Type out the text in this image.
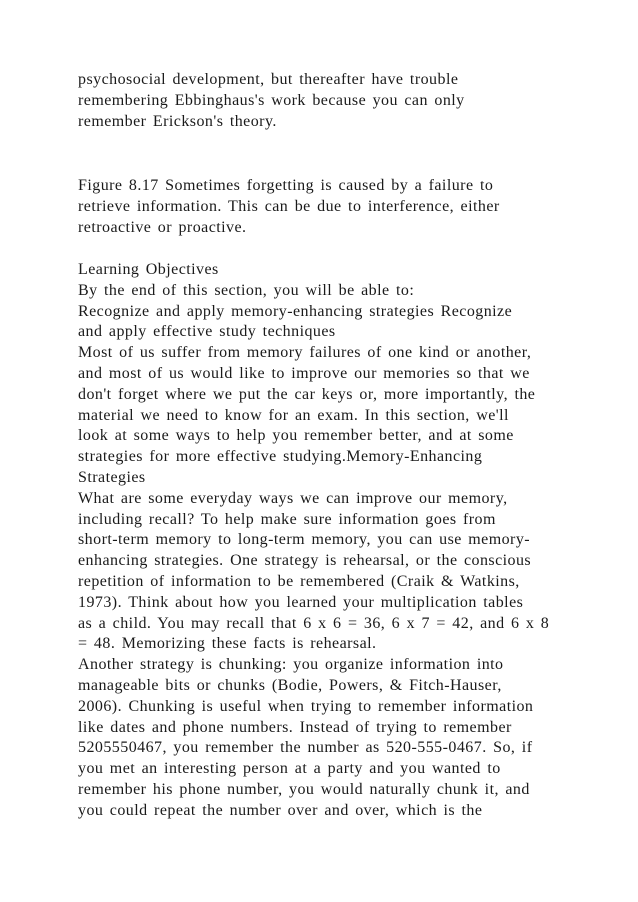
psychosocial development, but thereafter have trouble
remembering Ebbinghaus's work because you can only
remember Erickson's theory.
Figure 8.17 Sometimes forgetting is caused by a failure to
retrieve information. This can be due to interference, either
retroactive or proactive.
Learning Objectives
By the end of this section, you will be able to:
Recognize and apply memory-enhancing strategies Recognize
and apply effective study techniques
Most of us suffer from memory failures of one kind or another,
and most of us would like to improve our memories so that we
don't forget where we put the car keys or, more importantly, the
material we need to know for an exam. In this section, we'll
look at some ways to help you remember better, and at some
strategies for more effective studying.Memory-Enhancing
Strategies
What are some everyday ways we can improve our memory,
including recall? To help make sure information goes from
short-term memory to long-term memory, you can use memory-
enhancing strategies. One strategy is rehearsal, or the conscious
repetition of information to be remembered (Craik & Watkins,
1973). Think about how you learned your multiplication tables
as a child. You may recall that 6 x 6 = 36, 6 x 7 = 42, and 6 x 8
= 48. Memorizing these facts is rehearsal.
Another strategy is chunking: you organize information into
manageable bits or chunks (Bodie, Powers, & Fitch-Hauser,
2006). Chunking is useful when trying to remember information
like dates and phone numbers. Instead of trying to remember
5205550467, you remember the number as 520-555-0467. So, if
you met an interesting person at a party and you wanted to
remember his phone number, you would naturally chunk it, and
you could repeat the number over and over, which is the
